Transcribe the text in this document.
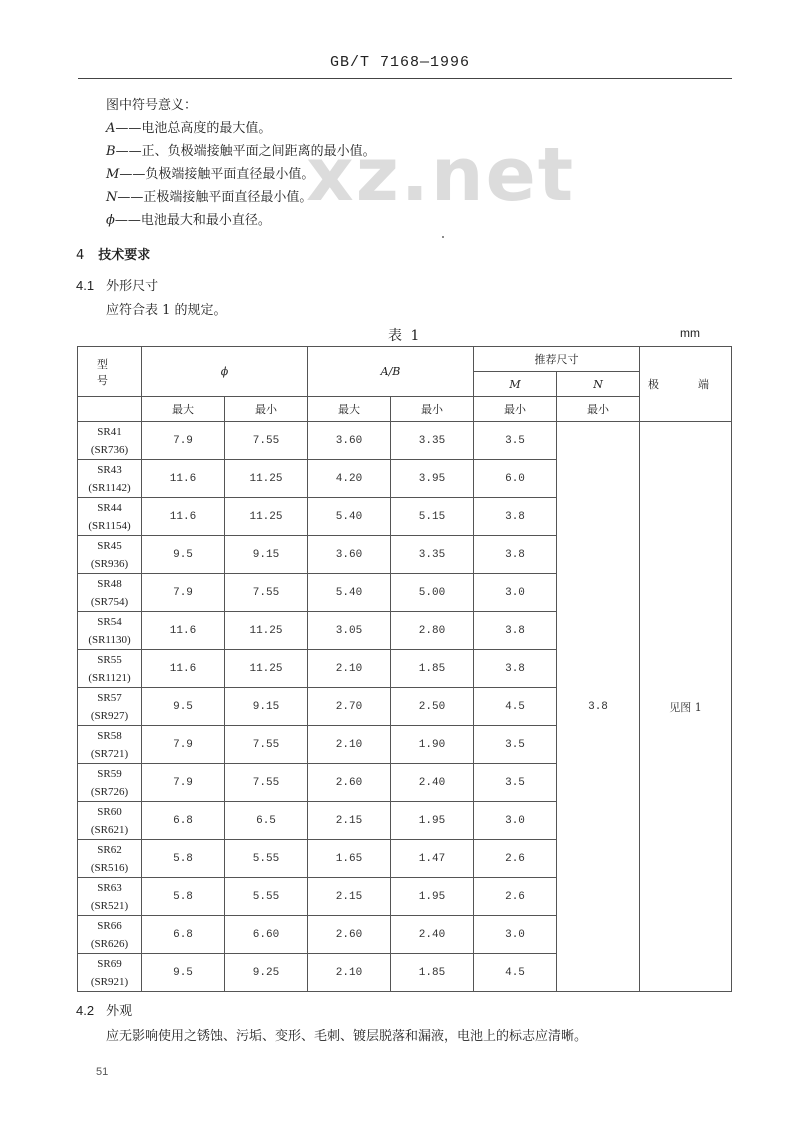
GB/T 7168—1996
图中符号意义：
A——电池总高度的最大值。
B——正、负极端接触平面之间距离的最小值。
M——负极端接触平面直径最小值。
N——正极端接触平面直径最小值。
ϕ——电池最大和最小直径。
xz.net
4 技术要求
4.1 外形尺寸
应符合表 1 的规定。
表 1	mm
型　号	ϕ		A/B		推荐尺寸		极　端
					M	N	
	最大	最小	最大	最小	最小	最小	

SR41
(SR736)	7.9	7.55	3.60	3.35	3.5	3.8	见图 1

SR43
(SR1142)	11.6	11.25	4.20	3.95	6.0		

SR44
(SR1154)	11.6	11.25	5.40	5.15	3.8		

SR45
(SR936)	9.5	9.15	3.60	3.35	3.8		

SR48
(SR754)	7.9	7.55	5.40	5.00	3.0		

SR54
(SR1130)	11.6	11.25	3.05	2.80	3.8		

SR55
(SR1121)	11.6	11.25	2.10	1.85	3.8		

SR57
(SR927)	9.5	9.15	2.70	2.50	4.5		

SR58
(SR721)	7.9	7.55	2.10	1.90	3.5		

SR59
(SR726)	7.9	7.55	2.60	2.40	3.5		

SR60
(SR621)	6.8	6.5	2.15	1.95	3.0		

SR62
(SR516)	5.8	5.55	1.65	1.47	2.6		

SR63
(SR521)	5.8	5.55	2.15	1.95	2.6		

SR66
(SR626)	6.8	6.60	2.60	2.40	3.0		

SR69
(SR921)	9.5	9.25	2.10	1.85	4.5		
4.2 外观
应无影响使用之锈蚀、污垢、变形、毛刺、镀层脱落和漏液，电池上的标志应清晰。
51
